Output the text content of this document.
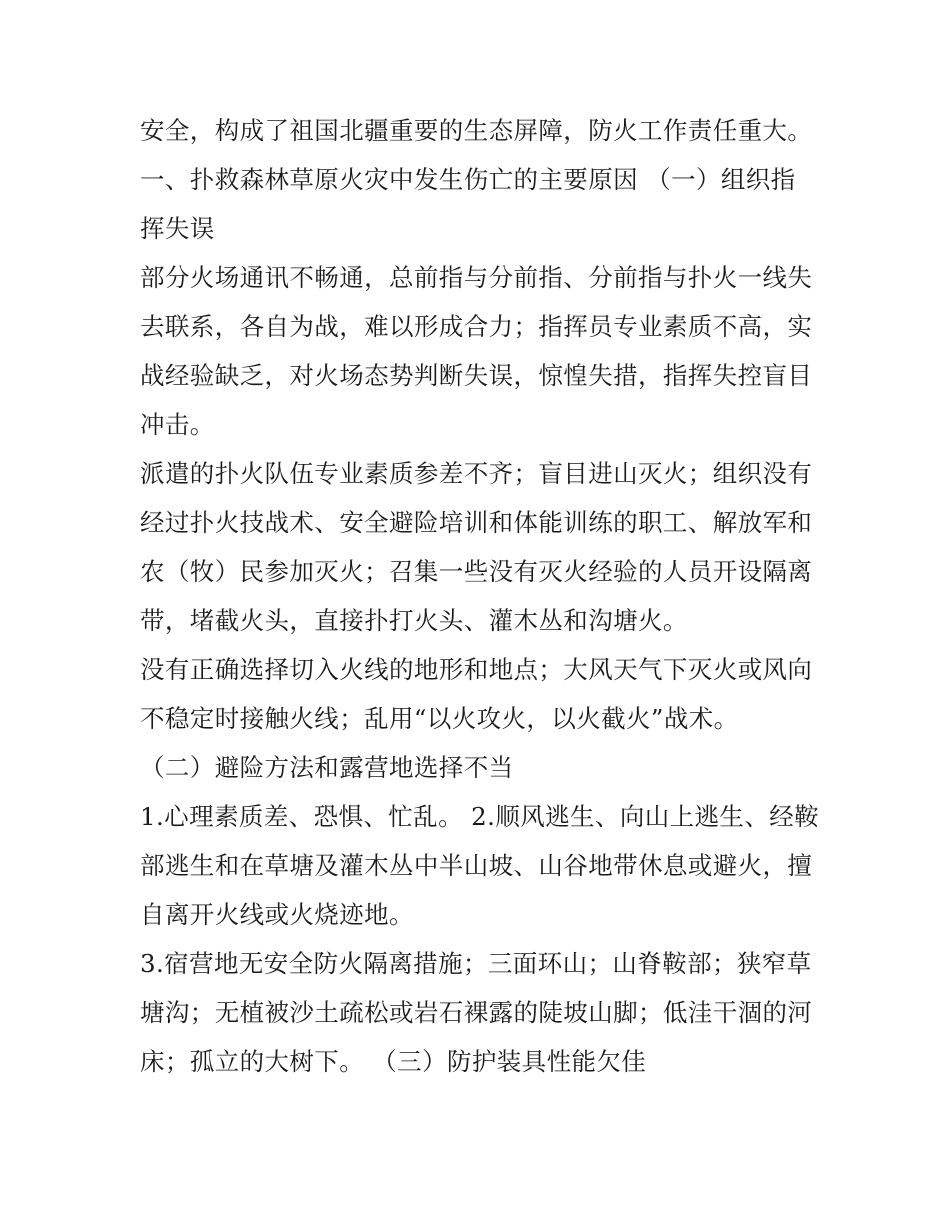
安全，构成了祖国北疆重要的生态屏障，防火工作责任重大。

一、扑救森林草原火灾中发生伤亡的主要原因 （一）组织指
挥失误

部分火场通讯不畅通，总前指与分前指、分前指与扑火一线失
去联系，各自为战，难以形成合力；指挥员专业素质不高，实
战经验缺乏，对火场态势判断失误，惊惶失措，指挥失控盲目
冲击。

派遣的扑火队伍专业素质参差不齐；盲目进山灭火；组织没有
经过扑火技战术、安全避险培训和体能训练的职工、解放军和
农（牧）民参加灭火；召集一些没有灭火经验的人员开设隔离
带，堵截火头，直接扑打火头、灌木丛和沟塘火。

没有正确选择切入火线的地形和地点；大风天气下灭火或风向
不稳定时接触火线；乱用“以火攻火，以火截火”战术。

（二）避险方法和露营地选择不当

1.心理素质差、恐惧、忙乱。 2.顺风逃生、向山上逃生、经鞍
部逃生和在草塘及灌木丛中半山坡、山谷地带休息或避火，擅
自离开火线或火烧迹地。

3.宿营地无安全防火隔离措施；三面环山；山脊鞍部；狭窄草
塘沟；无植被沙土疏松或岩石裸露的陡坡山脚；低洼干涸的河
床；孤立的大树下。 （三）防护装具性能欠佳
